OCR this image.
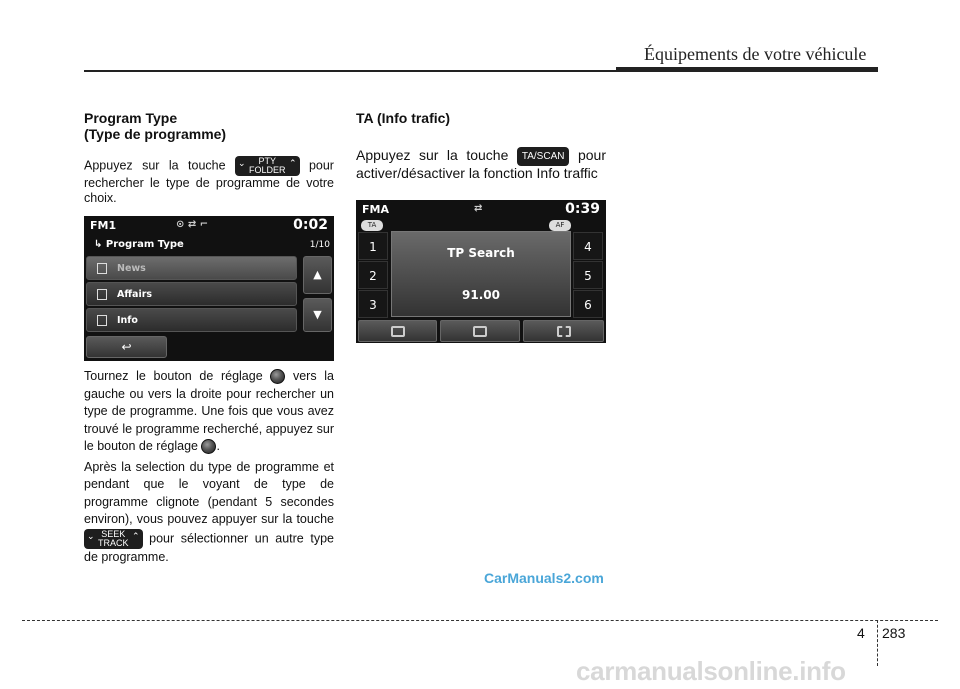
Équipements de votre véhicule
Program Type
(Type de programme)

Appuyez sur la touche ⌄ PTY
FOLDER
⌃ pour rechercher le type de programme de votre choix.

FM1	⊙ ⇄ ⌐	0:02
↳ Program Type	1/10
News
Affairs
Info
▲
▼
↩

Tournez le bouton de réglage vers la gauche ou vers la droite pour rechercher un type de programme. Une fois que vous avez trouvé le programme recherché, appuyez sur le bouton de réglage .

Après la selection du type de programme et pendant que le voyant de type de programme clignote (pendant 5 secondes environ), vous pouvez appuyer sur la touche
⌄ SEEK
TRACK
⌃ pour sélectionner un autre type de programme.

TA (Info trafic)

Appuyez sur la touche TA/SCAN pour activer/désactiver la fonction Info traffic

FMA	⇄	0:39
TA	AF
1
2
3
4
5
6
TP Search
91.00
CarManuals2.com
4 283
carmanualsonline.info
